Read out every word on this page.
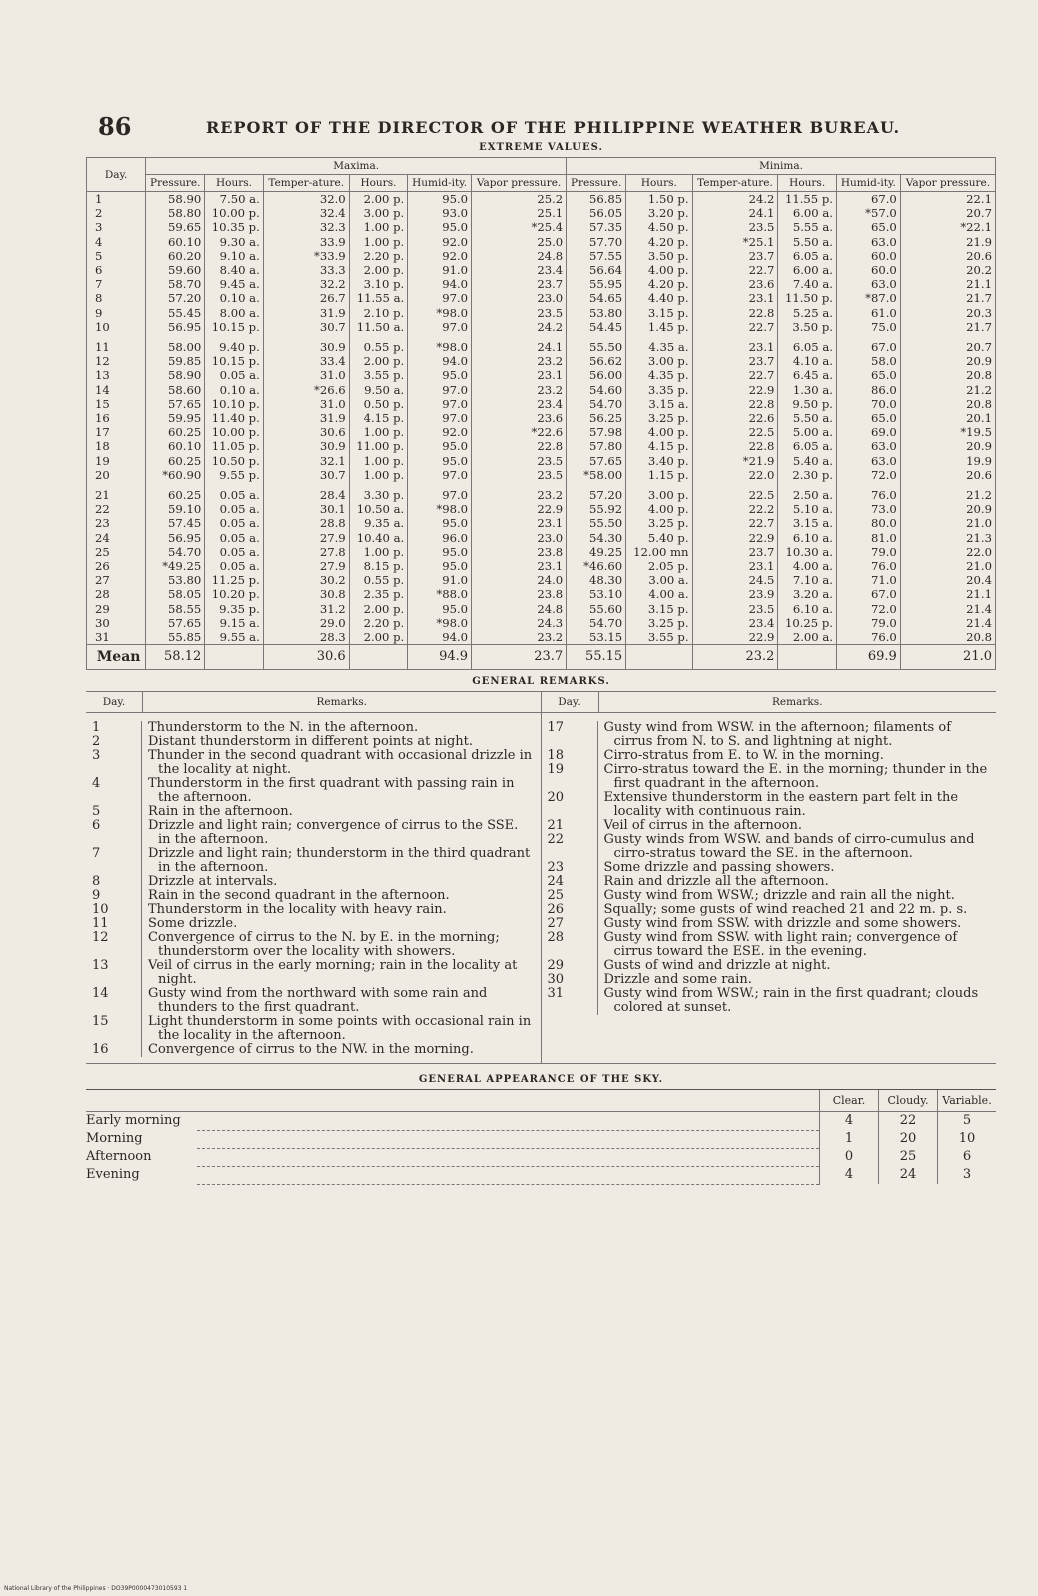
86	REPORT OF THE DIRECTOR OF THE PHILIPPINE WEATHER BUREAU.
EXTREME VALUES.
Day.	Maxima.						Minima.					
	Pressure.	Hours.	Temper-ature.	Hours.	Humid-ity.	Vapor pressure.	Pressure.	Hours.	Temper-ature.	Hours.	Humid-ity.	Vapor pressure.
1	58.90	7.50 a.	32.0	2.00 p.	95.0	25.2	56.85	1.50 p.	24.2	11.55 p.	67.0	22.1
2	58.80	10.00 p.	32.4	3.00 p.	93.0	25.1	56.05	3.20 p.	24.1	6.00 a.	*57.0	20.7
3	59.65	10.35 p.	32.3	1.00 p.	95.0	*25.4	57.35	4.50 p.	23.5	5.55 a.	65.0	*22.1
4	60.10	9.30 a.	33.9	1.00 p.	92.0	25.0	57.70	4.20 p.	*25.1	5.50 a.	63.0	21.9
5	60.20	9.10 a.	*33.9	2.20 p.	92.0	24.8	57.55	3.50 p.	23.7	6.05 a.	60.0	20.6
6	59.60	8.40 a.	33.3	2.00 p.	91.0	23.4	56.64	4.00 p.	22.7	6.00 a.	60.0	20.2
7	58.70	9.45 a.	32.2	3.10 p.	94.0	23.7	55.95	4.20 p.	23.6	7.40 a.	63.0	21.1
8	57.20	0.10 a.	26.7	11.55 a.	97.0	23.0	54.65	4.40 p.	23.1	11.50 p.	*87.0	21.7
9	55.45	8.00 a.	31.9	2.10 p.	*98.0	23.5	53.80	3.15 p.	22.8	5.25 a.	61.0	20.3
10	56.95	10.15 p.	30.7	11.50 a.	97.0	24.2	54.45	1.45 p.	22.7	3.50 p.	75.0	21.7

11	58.00	9.40 p.	30.9	0.55 p.	*98.0	24.1	55.50	4.35 a.	23.1	6.05 a.	67.0	20.7
12	59.85	10.15 p.	33.4	2.00 p.	94.0	23.2	56.62	3.00 p.	23.7	4.10 a.	58.0	20.9
13	58.90	0.05 a.	31.0	3.55 p.	95.0	23.1	56.00	4.35 p.	22.7	6.45 a.	65.0	20.8
14	58.60	0.10 a.	*26.6	9.50 a.	97.0	23.2	54.60	3.35 p.	22.9	1.30 a.	86.0	21.2
15	57.65	10.10 p.	31.0	0.50 p.	97.0	23.4	54.70	3.15 a.	22.8	9.50 p.	70.0	20.8
16	59.95	11.40 p.	31.9	4.15 p.	97.0	23.6	56.25	3.25 p.	22.6	5.50 a.	65.0	20.1
17	60.25	10.00 p.	30.6	1.00 p.	92.0	*22.6	57.98	4.00 p.	22.5	5.00 a.	69.0	*19.5
18	60.10	11.05 p.	30.9	11.00 p.	95.0	22.8	57.80	4.15 p.	22.8	6.05 a.	63.0	20.9
19	60.25	10.50 p.	32.1	1.00 p.	95.0	23.5	57.65	3.40 p.	*21.9	5.40 a.	63.0	19.9
20	*60.90	9.55 p.	30.7	1.00 p.	97.0	23.5	*58.00	1.15 p.	22.0	2.30 p.	72.0	20.6

21	60.25	0.05 a.	28.4	3.30 p.	97.0	23.2	57.20	3.00 p.	22.5	2.50 a.	76.0	21.2
22	59.10	0.05 a.	30.1	10.50 a.	*98.0	22.9	55.92	4.00 p.	22.2	5.10 a.	73.0	20.9
23	57.45	0.05 a.	28.8	9.35 a.	95.0	23.1	55.50	3.25 p.	22.7	3.15 a.	80.0	21.0
24	56.95	0.05 a.	27.9	10.40 a.	96.0	23.0	54.30	5.40 p.	22.9	6.10 a.	81.0	21.3
25	54.70	0.05 a.	27.8	1.00 p.	95.0	23.8	49.25	12.00 mn	23.7	10.30 a.	79.0	22.0
26	*49.25	0.05 a.	27.9	8.15 p.	95.0	23.1	*46.60	2.05 p.	23.1	4.00 a.	76.0	21.0
27	53.80	11.25 p.	30.2	0.55 p.	91.0	24.0	48.30	3.00 a.	24.5	7.10 a.	71.0	20.4
28	58.05	10.20 p.	30.8	2.35 p.	*88.0	23.8	53.10	4.00 a.	23.9	3.20 a.	67.0	21.1
29	58.55	9.35 p.	31.2	2.00 p.	95.0	24.8	55.60	3.15 p.	23.5	6.10 a.	72.0	21.4
30	57.65	9.15 a.	29.0	2.20 p.	*98.0	24.3	54.70	3.25 p.	23.4	10.25 p.	79.0	21.4
31	55.85	9.55 a.	28.3	2.00 p.	94.0	23.2	53.15	3.55 p.	22.9	2.00 a.	76.0	20.8
Mean	58.12		30.6		94.9	23.7	55.15		23.2		69.9	21.0
GENERAL REMARKS.
Day.	Remarks.
1	Thunderstorm to the N. in the afternoon.
2	Distant thunderstorm in different points at night.
3	Thunder in the second quadrant with occasional drizzle in the locality at night.
4	Thunderstorm in the first quadrant with passing rain in the afternoon.
5	Rain in the afternoon.
6	Drizzle and light rain; convergence of cirrus to the SSE. in the afternoon.
7	Drizzle and light rain; thunderstorm in the third quadrant in the afternoon.
8	Drizzle at intervals.
9	Rain in the second quadrant in the afternoon.
10	Thunderstorm in the locality with heavy rain.
11	Some drizzle.
12	Convergence of cirrus to the N. by E. in the morning; thunderstorm over the locality with showers.
13	Veil of cirrus in the early morning; rain in the locality at night.
14	Gusty wind from the northward with some rain and thunders to the first quadrant.
15	Light thunderstorm in some points with occasional rain in the locality in the afternoon.
16	Convergence of cirrus to the NW. in the morning.
Day.	Remarks.
17	Gusty wind from WSW. in the afternoon; filaments of cirrus from N. to S. and lightning at night.
18	Cirro-stratus from E. to W. in the morning.
19	Cirro-stratus toward the E. in the morning; thunder in the first quadrant in the afternoon.
20	Extensive thunderstorm in the eastern part felt in the locality with continuous rain.
21	Veil of cirrus in the afternoon.
22	Gusty winds from WSW. and bands of cirro-cumulus and cirro-stratus toward the SE. in the afternoon.
23	Some drizzle and passing showers.
24	Rain and drizzle all the afternoon.
25	Gusty wind from WSW.; drizzle and rain all the night.
26	Squally; some gusts of wind reached 21 and 22 m. p. s.
27	Gusty wind from SSW. with drizzle and some showers.
28	Gusty wind from SSW. with light rain; convergence of cirrus toward the ESE. in the evening.
29	Gusts of wind and drizzle at night.
30	Drizzle and some rain.
31	Gusty wind from WSW.; rain in the first quadrant; clouds colored at sunset.
GENERAL APPEARANCE OF THE SKY.
		Clear.	Cloudy.	Variable.
Early morning		4	22	5
Morning		1	20	10
Afternoon		0	25	6
Evening		4	24	3
National Library of the Philippines · DO39P0000473010593 1
